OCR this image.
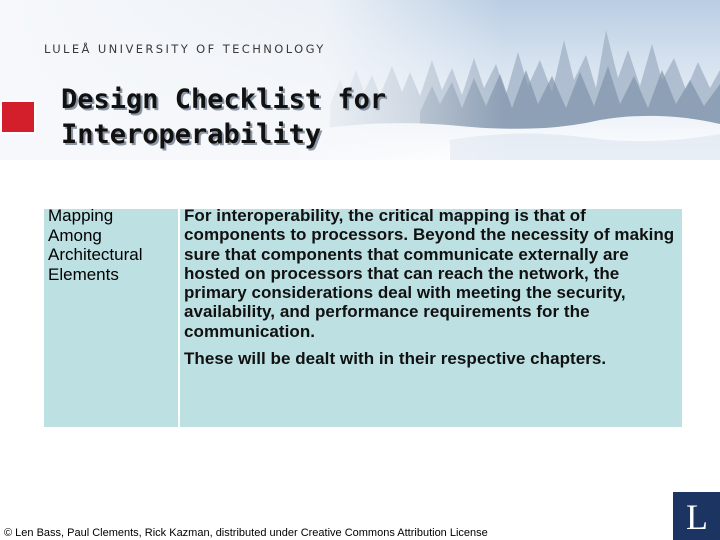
LULEÅ UNIVERSITY OF TECHNOLOGY
Design Checklist for
Interoperability
Mapping
Among
Architectural
Elements

For interoperability, the critical mapping is that of components to processors. Beyond the necessity of making sure that components that communicate externally are hosted on processors that can reach the network, the primary considerations deal with meeting the security, availability, and performance requirements for the communication.

These will be dealt with in their respective chapters.

© Len Bass, Paul Clements, Rick Kazman, distributed under Creative Commons Attribution License	L
